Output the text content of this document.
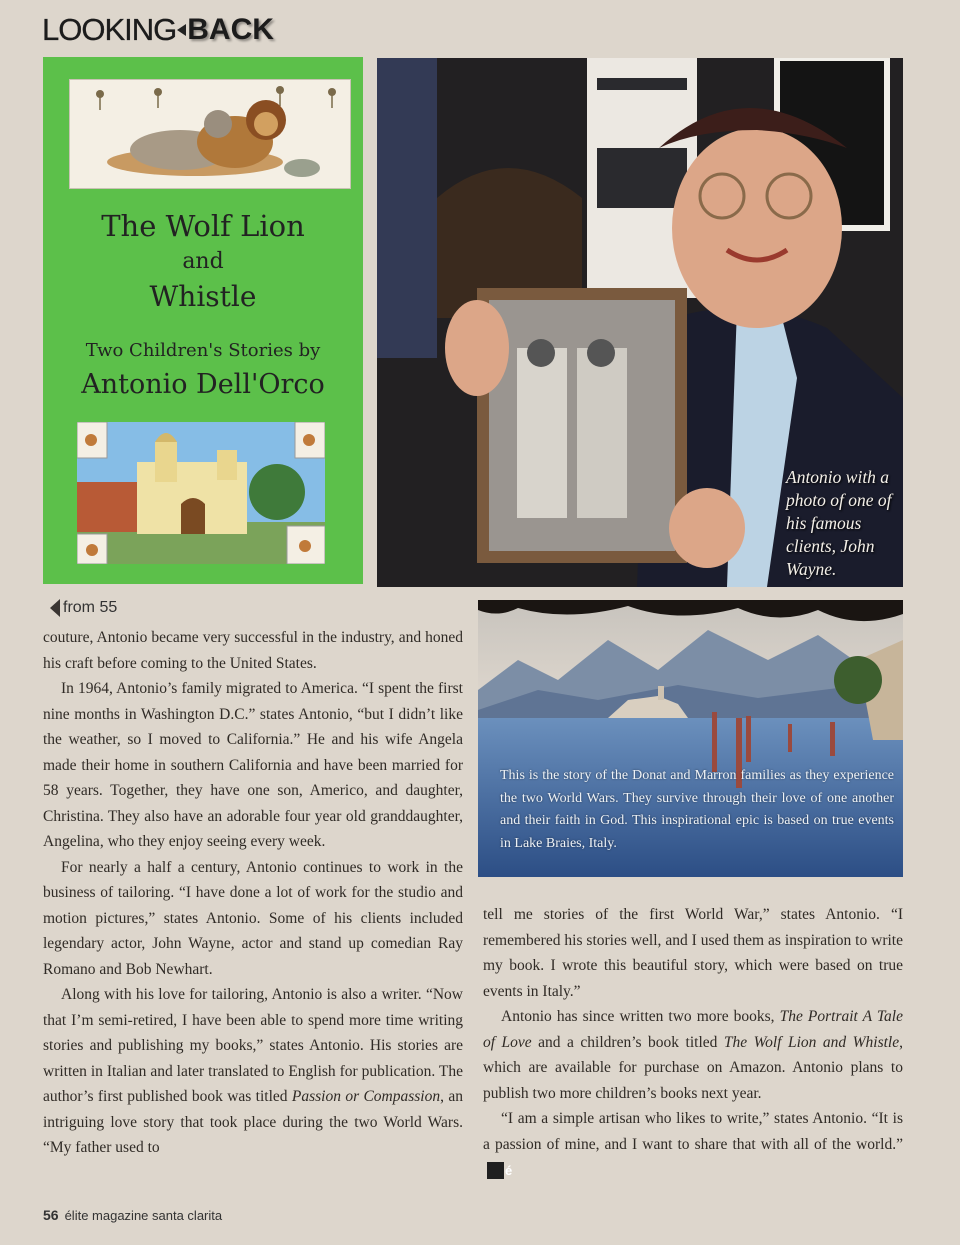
LOOKING BACK
The Wolf Lion
and
Whistle
Two Children's Stories by
Antonio Dell'Orco
Antonio with a photo of one of his famous clients, John Wayne.
from 55
This is the story of the Donat and Marron families as they experience the two World Wars. They survive through their love of one another and their faith in God. This inspirational epic is based on true events in Lake Braies, Italy.

couture, Antonio became very successful in the industry, and honed his craft before coming to the United States.

In 1964, Antonio’s family migrated to America. “I spent the first nine months in Washington D.C.” states Antonio, “but I didn’t like the weather, so I moved to California.” He and his wife Angela made their home in southern California and have been married for 58 years. Together, they have one son, Americo, and daughter, Christina. They also have an adorable four year old granddaughter, Angelina, who they enjoy seeing every week.

For nearly a half a century, Antonio continues to work in the business of tailoring. “I have done a lot of work for the studio and motion pictures,” states Antonio. Some of his clients included legendary actor, John Wayne, actor and stand up comedian Ray Romano and Bob Newhart.

Along with his love for tailoring, Antonio is also a writer. “Now that I’m semi-retired, I have been able to spend more time writing stories and publishing my books,” states Antonio. His stories are written in Italian and later translated to English for publication. The author’s first published book was titled Passion or Compassion, an intriguing love story that took place during the two World Wars. “My father used to

tell me stories of the first World War,” states Antonio. “I remembered his stories well, and I used them as inspiration to write my book. I wrote this beautiful story, which were based on true events in Italy.”

Antonio has since written two more books, The Portrait A Tale of Love and a children’s book titled The Wolf Lion and Whistle, which are available for purchase on Amazon. Antonio plans to publish two more children’s books next year.

“I am a simple artisan who likes to write,” states Antonio. “It is a passion of mine, and I want to share that with all of the world.”é

56 élite magazine santa clarita
